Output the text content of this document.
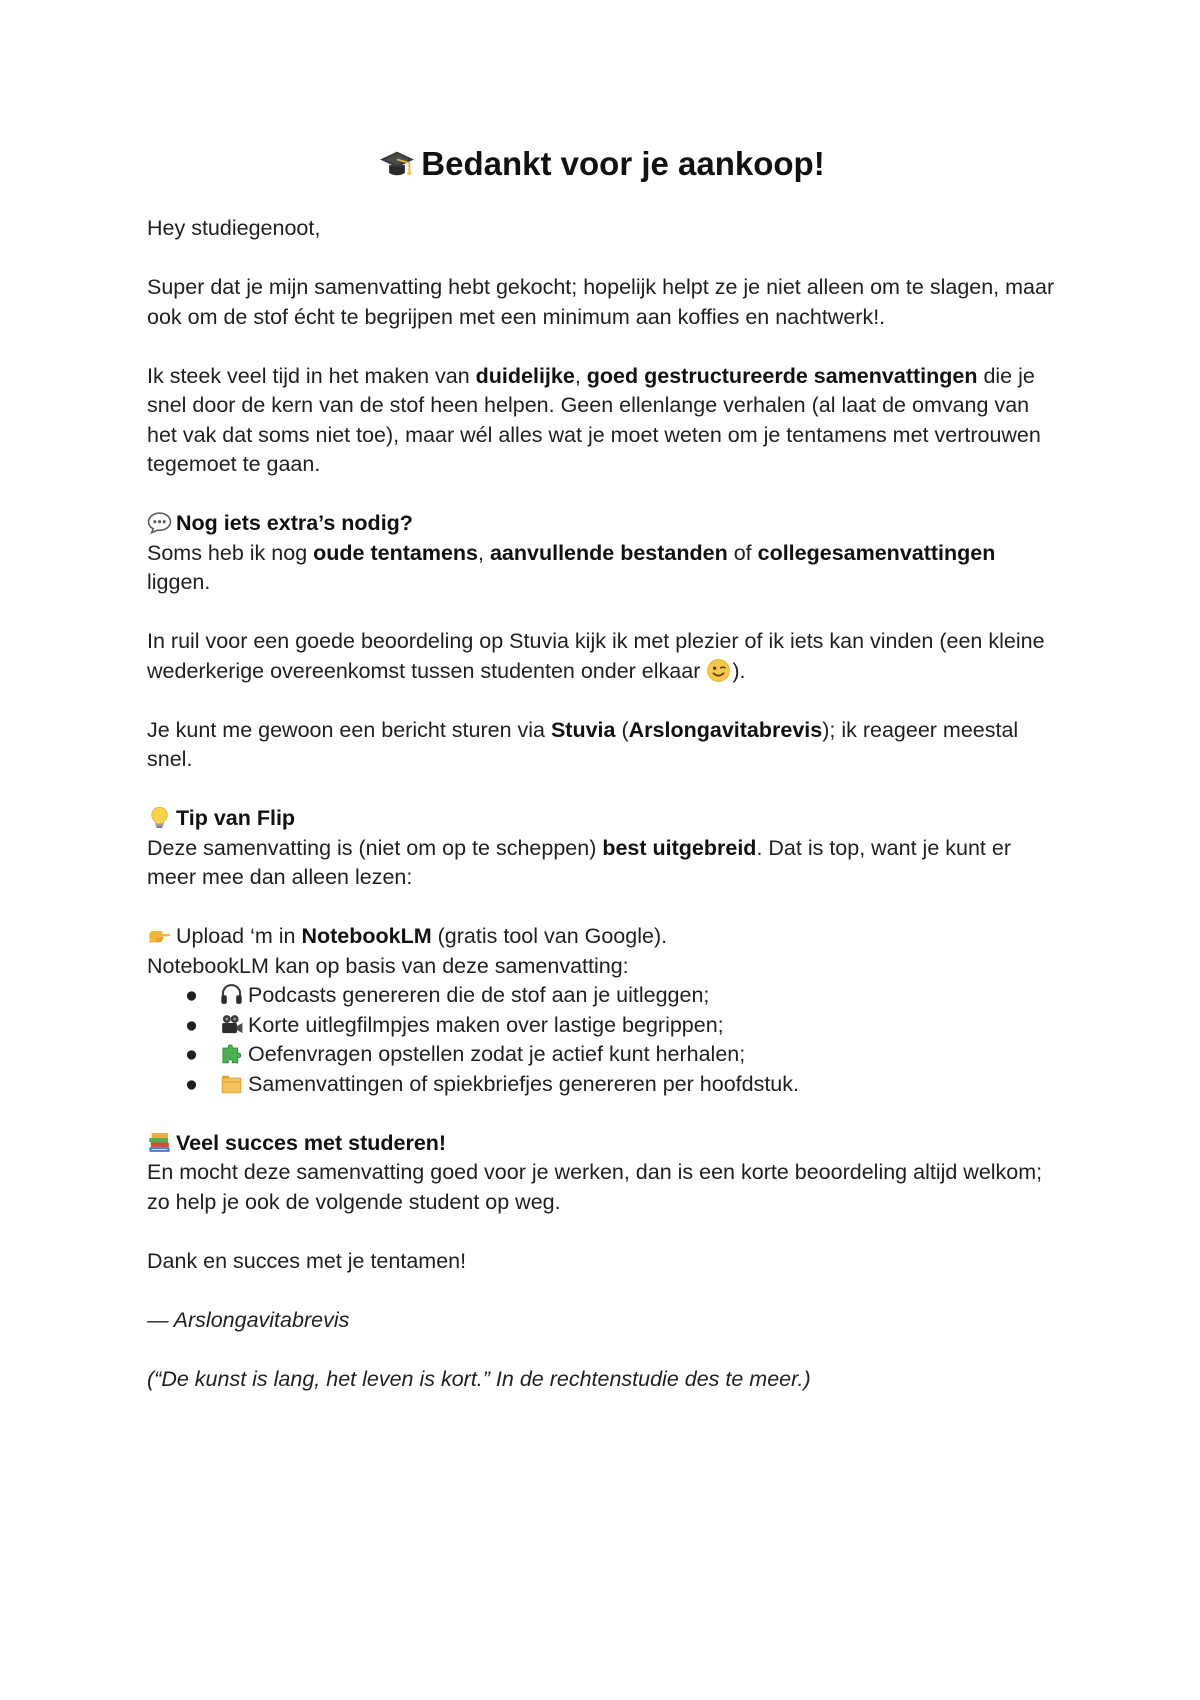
Bedankt voor je aankoop!

Hey studiegenoot,

Super dat je mijn samenvatting hebt gekocht; hopelijk helpt ze je niet alleen om te slagen, maar ook om de stof écht te begrijpen met een minimum aan koffies en nachtwerk!.

Ik steek veel tijd in het maken van duidelijke, goed gestructureerde samenvattingen die je snel door de kern van de stof heen helpen. Geen ellenlange verhalen (al laat de omvang van het vak dat soms niet toe), maar wél alles wat je moet weten om je tentamens met vertrouwen tegemoet te gaan.

Nog iets extra’s nodig?
Soms heb ik nog oude tentamens, aanvullende bestanden of collegesamenvattingen liggen.

In ruil voor een goede beoordeling op Stuvia kijk ik met plezier of ik iets kan vinden (een kleine wederkerige overeenkomst tussen studenten onder elkaar ).

Je kunt me gewoon een bericht sturen via Stuvia (Arslongavitabrevis); ik reageer meestal snel.

Tip van Flip
Deze samenvatting is (niet om op te scheppen) best uitgebreid. Dat is top, want je kunt er meer mee dan alleen lezen:

Upload ‘m in NotebookLM (gratis tool van Google).
NotebookLM kan op basis van deze samenvatting:
●	Podcasts genereren die de stof aan je uitleggen;
●	Korte uitlegfilmpjes maken over lastige begrippen;
●	Oefenvragen opstellen zodat je actief kunt herhalen;
●	Samenvattingen of spiekbriefjes genereren per hoofdstuk.

Veel succes met studeren!
En mocht deze samenvatting goed voor je werken, dan is een korte beoordeling altijd welkom; zo help je ook de volgende student op weg.

Dank en succes met je tentamen!

— Arslongavitabrevis

(“De kunst is lang, het leven is kort.” In de rechtenstudie des te meer.)
